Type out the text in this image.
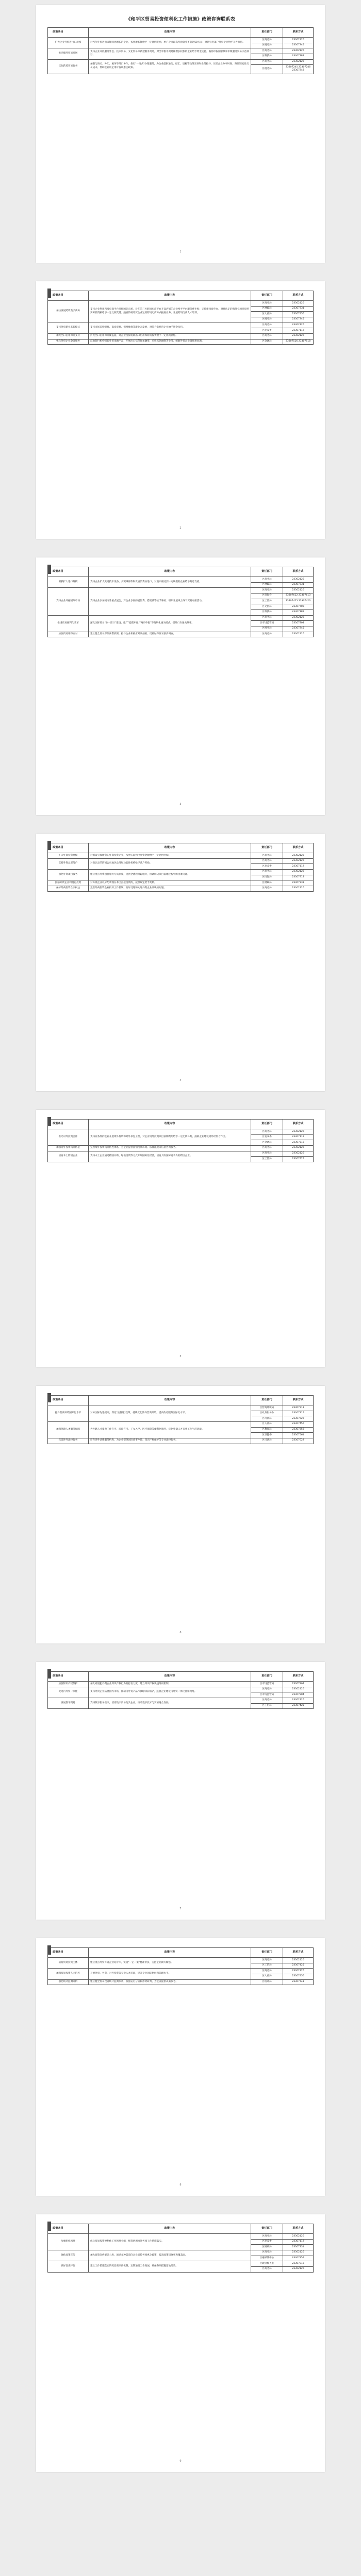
《和平区贸易投资便利化工作措施》政策咨询联系表
政策条目	政策内容	责任部门	联系方式
扩大企业外贸进出口规模	对当年外贸进出口额同比增长的企业，按照增长额给予一定比例奖励，单户企业最高奖励资金不超过50万元；对新引进落户外贸企业给予开办扶持。	区商务局	23302126
		区税务局	23307245
推动服务贸易发展	支持企业开展服务外包、技术贸易、文化贸易等新型服务贸易，对当年服务贸易额增长较快的企业给予资金支持，鼓励申报国家级和市级服务贸易示范项目。	区商务局	23302126
		区科技局	23307182
优化跨境贸易服务	加强与海关、外汇、税务等部门协作，推行"一站式"办理服务，为企业提供通关、结汇、退税等政策宣讲和业务指导，压缩企业办事时间，降低制度性交易成本，帮助企业用足用好各项惠企政策。	区商务局	23302126
		区税务局	23307245 23307246 23307248
1
政策条目	政策内容	责任部门	联系方式
加快发展跨境电子商务	支持企业利用跨境电商平台开拓国际市场，对在第三方跨境电商平台开设店铺的企业给予平台服务费补贴；支持建设海外仓，对经认定的海外仓项目按照实际投资额给予一定比例支持；鼓励传统外贸企业运用跨境电商方式拓展业务，开展跨境电商人才培训。	区商务局	23302126
		区财政局	23307331
		区人社局	23307456
		区税务局	23307245
支持外贸新业态新模式	支持市场采购贸易、离岸贸易、保税维修等新业态发展，对符合条件的企业给予资金扶持。	区商务局	23302126
		区发改委	23307112
加大出口信用保险支持	扩大出口信用保险覆盖面，对企业投保短期出口信用保险的保费给予一定比例补贴。	区商务局	23302126
强化外贸企业金融服务	鼓励银行机构创新外贸金融产品，开展出口信保保单融资、应收账款融资等业务，缓解外贸企业融资难问题。	区金融局	23307516 23307518
2
政策条目	政策内容	责任部门	联系方式
积极扩大进口规模	支持企业扩大先进技术设备、关键零部件和优质消费品进口，对进口额达到一定规模的企业给予贴息支持。	区商务局	23302126
		区财政局	23307331
支持企业开拓国际市场	支持企业参加境内外重点展会，对企业参展的展位费、搭建费等给予补贴；组织开展线上线下贸易对接活动。	区商务局	23302126
		区贸促会	23307612 23307613
		区工信局	23307425 23307426
		区文旅局	23307709
		区科技局	23307182
推进贸易便利化改革	深化国际贸易"单一窗口"建设，推广"提前申报""两步申报"等便利化通关模式，提升口岸通关效率。	区商务局	23302126
		区市场监管局	23307804
		区税务局	23307245
加强贸易摩擦应对	建立健全贸易摩擦预警机制，指导企业积极应对反倾销、反补贴等贸易救济调查。	区商务局	23302126
3
政策条目	政策内容	责任部门	联系方式
扩大外商投资规模	对新设立或增资的外商投资企业，按照实际到位外资金额给予一定比例奖励。	区商务局	23302126
支持外资总部落户	对新认定的跨国公司地区总部和功能性机构给予落户奖励。	区商务局	23302126
		区发改委	23307112
强化外资项目服务	建立重点外资项目服务专员制度，提供全流程跟踪服务，协调解决项目落地过程中的困难问题。	区商务局	23302126
		区投促局	23307918
鼓励外资企业利润再投资	对外资企业以分配利润在本区直接投资的，按照规定给予奖励。	区财政局	23307331
保护外商投资合法权益	完善外商投资企业投诉工作机制，及时受理和处理外资企业反映的问题。	区商务局	23302126
4
政策条目	政策内容	责任部门	联系方式
推动对外投资合作	支持有条件的企业开展境外投资和对外承包工程，对企业境外投资项目前期费用给予一定比例补贴，鼓励企业建设境外经贸合作区。	区商务局	23302126
		区发改委	23307112
		区金融局	23307516
加强对外投资风险防范	完善境外投资风险防控体系，为企业提供国别投资环境、法律法规等信息咨询服务。	区商务局	23302126
培育本土跨国企业	支持本土企业通过跨国并购、绿地投资等方式开展国际化经营，培育具有国际竞争力的跨国企业。	区商务局	23302126
		区工信局	23307425
5
政策条目	政策内容	责任部门	联系方式
提升营商环境国际化水平	对标国际先进规则，深化"放管服"改革，持续优化涉外营商环境，提高政务服务国际化水平。	区营商环境局	23307211
		区政务服务办	23307215
		区司法局	23307622
加强外籍人才服务保障	为外籍人才提供工作许可、居留许可、子女入学、医疗保障等便利化服务，优化外籍人才来华工作生活环境。	区人社局	23307456
		区教育局	23307358
		区卫健委	23307561
完善涉外法律服务	培育涉外法律服务机构，为企业提供国际商事仲裁、知识产权保护等专业法律服务。	区司法局	23307622
6
政策条目	政策内容	责任部门	联系方式
加强知识产权保护	加大对侵犯外资企业知识产权行为的打击力度，建立知识产权快速维权机制。	区市场监管局	23307804
促进内外贸一体化	支持外贸企业拓展国内市场，推动内外贸产品"同线同标同质"，鼓励企业建设内外贸一体化营销网络。	区商务局	23302126
		区市场监管局	23307804
发展数字贸易	支持数字服务出口，培育数字贸易龙头企业，推动数字技术与贸易融合发展。	区商务局	23302126
		区工信局	23307425
7
政策条目	政策内容	责任部门	联系方式
培育贸易投资主体	建立重点外贸外资企业培育库，实施"一企一策"精准帮扶，支持企业做大做强。	区商务局	23302126
		区工信局	23307425
加强贸易投资人才培养	开展外贸、外资、对外投资等专业人才培训，提升企业国际化经营管理水平。	区商务局	23302126
		区人社局	23307456
强化统计监测分析	建立健全贸易投资统计监测体系，加强运行分析和形势研判，为企业提供决策参考。	区统计局	23307741
8
政策条目	政策内容	责任部门	联系方式
加强组织领导	成立贸易投资便利化工作领导小组，统筹协调推进各项工作措施落实。	区商务局	23302126
		区发改委	23307112
		区财政局	23307331
强化政策宣传	加大政策宣传解读力度，通过多种渠道向企业宣传各项惠企政策，提高政策知晓率和覆盖面。	区商务局	23302126
		区融媒体中心	23307855
做好督查评估	建立工作措施落实情况督查评估机制，定期通报工作进展，确保各项措施落地见效。	区政府督查室	23307016
		区商务局	23302126
9
